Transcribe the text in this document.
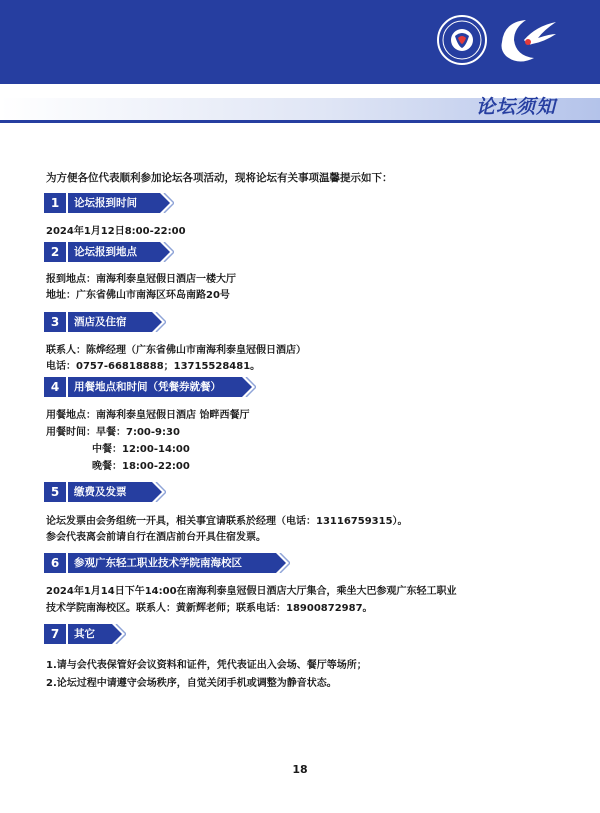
论坛须知
为方便各位代表顺利参加论坛各项活动，现将论坛有关事项温馨提示如下：
1	论坛报到时间
2024年1月12日8:00-22:00
2	论坛报到地点
报到地点：南海利泰皇冠假日酒店一楼大厅
地址：广东省佛山市南海区环岛南路20号
3	酒店及住宿
联系人：陈烨经理（广东省佛山市南海利泰皇冠假日酒店）
电话：0757-66818888；13715528481。
4	用餐地点和时间（凭餐券就餐）
用餐地点：南海利泰皇冠假日酒店 饴畔西餐厅
用餐时间：早餐：7:00-9:30
中餐：12:00-14:00
晚餐：18:00-22:00
5	缴费及发票
论坛发票由会务组统一开具，相关事宜请联系於经理（电话：13116759315）。
参会代表离会前请自行在酒店前台开具住宿发票。
6	参观广东轻工职业技术学院南海校区
2024年1月14日下午14:00在南海利泰皇冠假日酒店大厅集合，乘坐大巴参观广东轻工职业
技术学院南海校区。联系人：黄新辉老师；联系电话：18900872987。
7	其它
1.请与会代表保管好会议资料和证件，凭代表证出入会场、餐厅等场所；
2.论坛过程中请遵守会场秩序，自觉关闭手机或调整为静音状态。
18
